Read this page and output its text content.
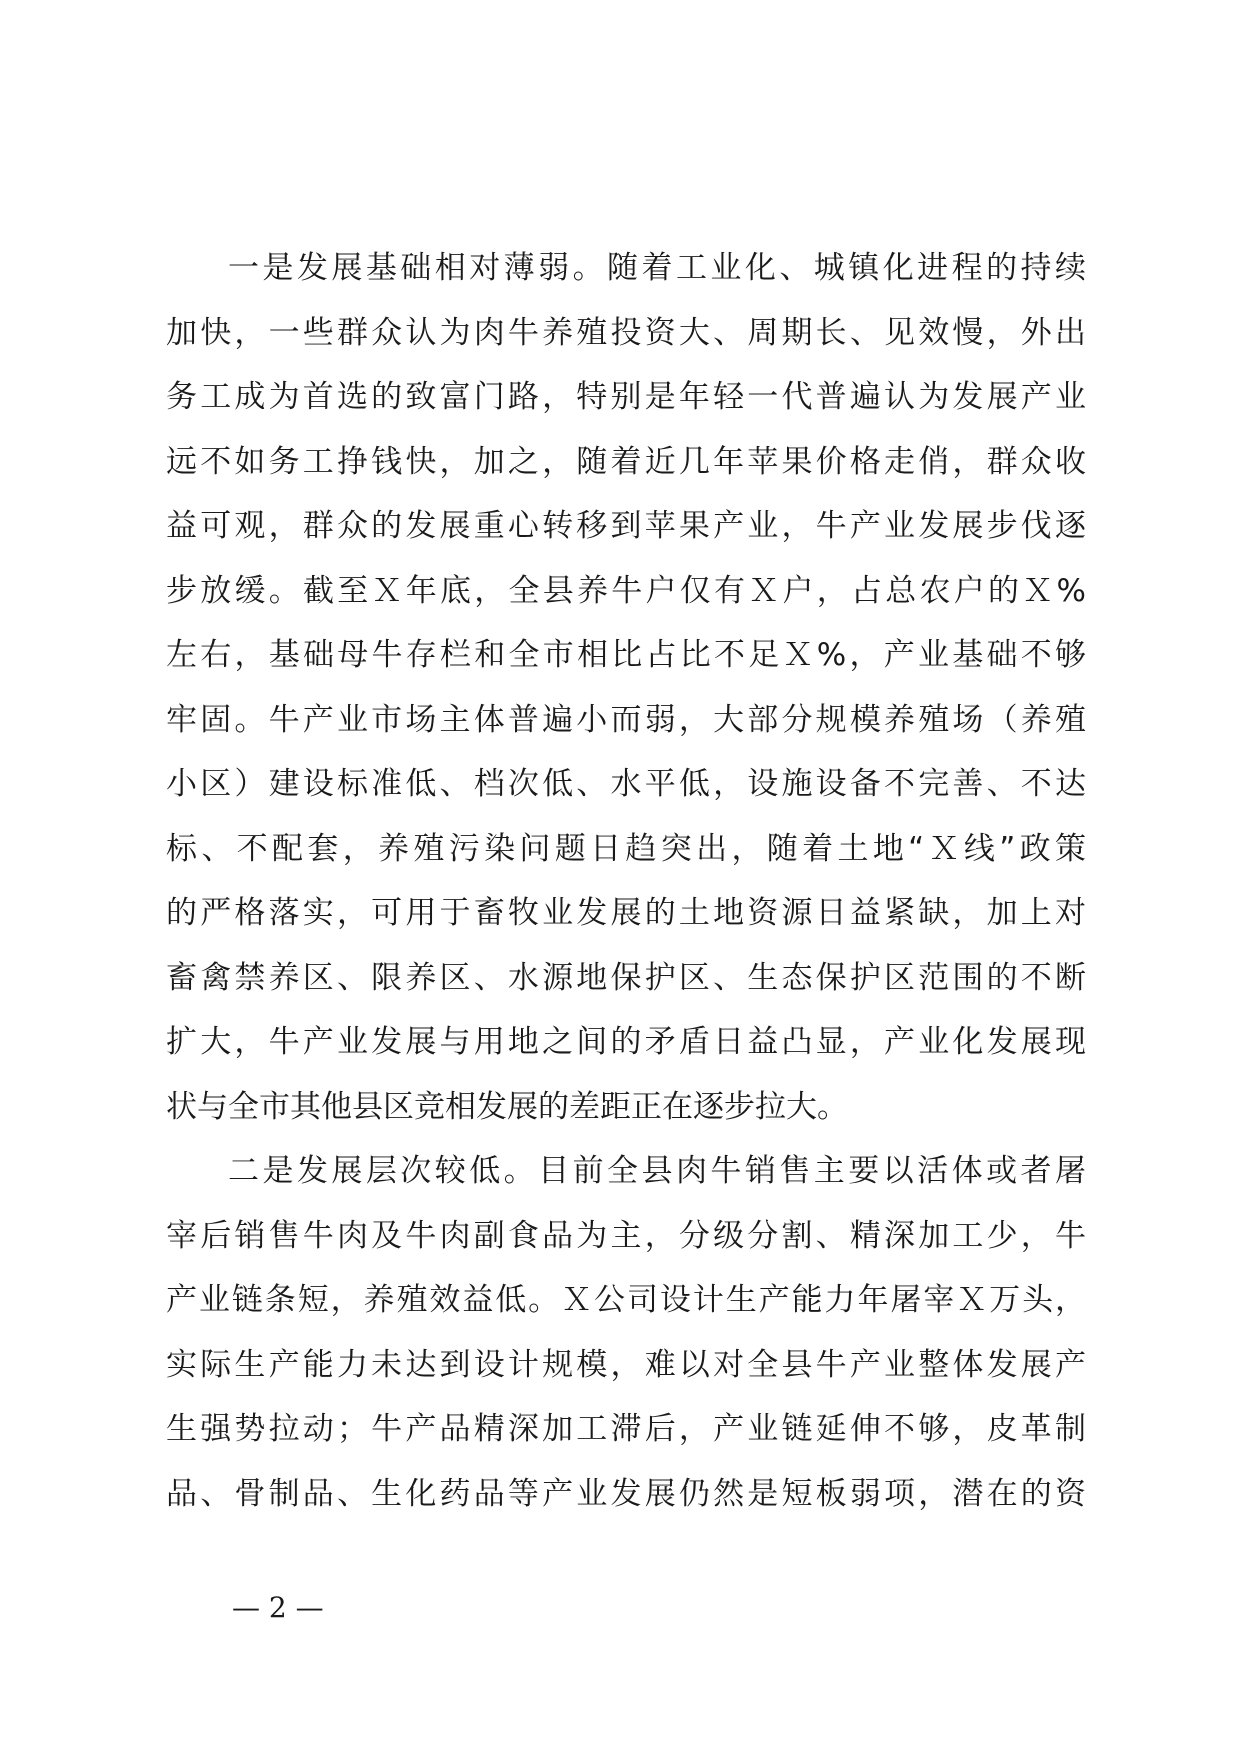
一是发展基础相对薄弱。随着工业化、城镇化进程的持续
加快，一些群众认为肉牛养殖投资大、周期长、见效慢，外出
务工成为首选的致富门路，特别是年轻一代普遍认为发展产业
远不如务工挣钱快，加之，随着近几年苹果价格走俏，群众收
益可观，群众的发展重心转移到苹果产业，牛产业发展步伐逐
步放缓。截至Ｘ年底，全县养牛户仅有Ｘ户，占总农户的Ｘ%
左右，基础母牛存栏和全市相比占比不足Ｘ%，产业基础不够
牢固。牛产业市场主体普遍小而弱，大部分规模养殖场（养殖
小区）建设标准低、档次低、水平低，设施设备不完善、不达
标、不配套，养殖污染问题日趋突出，随着土地“Ｘ线”政策
的严格落实，可用于畜牧业发展的土地资源日益紧缺，加上对
畜禽禁养区、限养区、水源地保护区、生态保护区范围的不断
扩大，牛产业发展与用地之间的矛盾日益凸显，产业化发展现
状与全市其他县区竞相发展的差距正在逐步拉大。
二是发展层次较低。目前全县肉牛销售主要以活体或者屠
宰后销售牛肉及牛肉副食品为主，分级分割、精深加工少，牛
产业链条短，养殖效益低。Ｘ公司设计生产能力年屠宰Ｘ万头，
实际生产能力未达到设计规模，难以对全县牛产业整体发展产
生强势拉动；牛产品精深加工滞后，产业链延伸不够，皮革制
品、骨制品、生化药品等产业发展仍然是短板弱项，潜在的资
— 2 —
